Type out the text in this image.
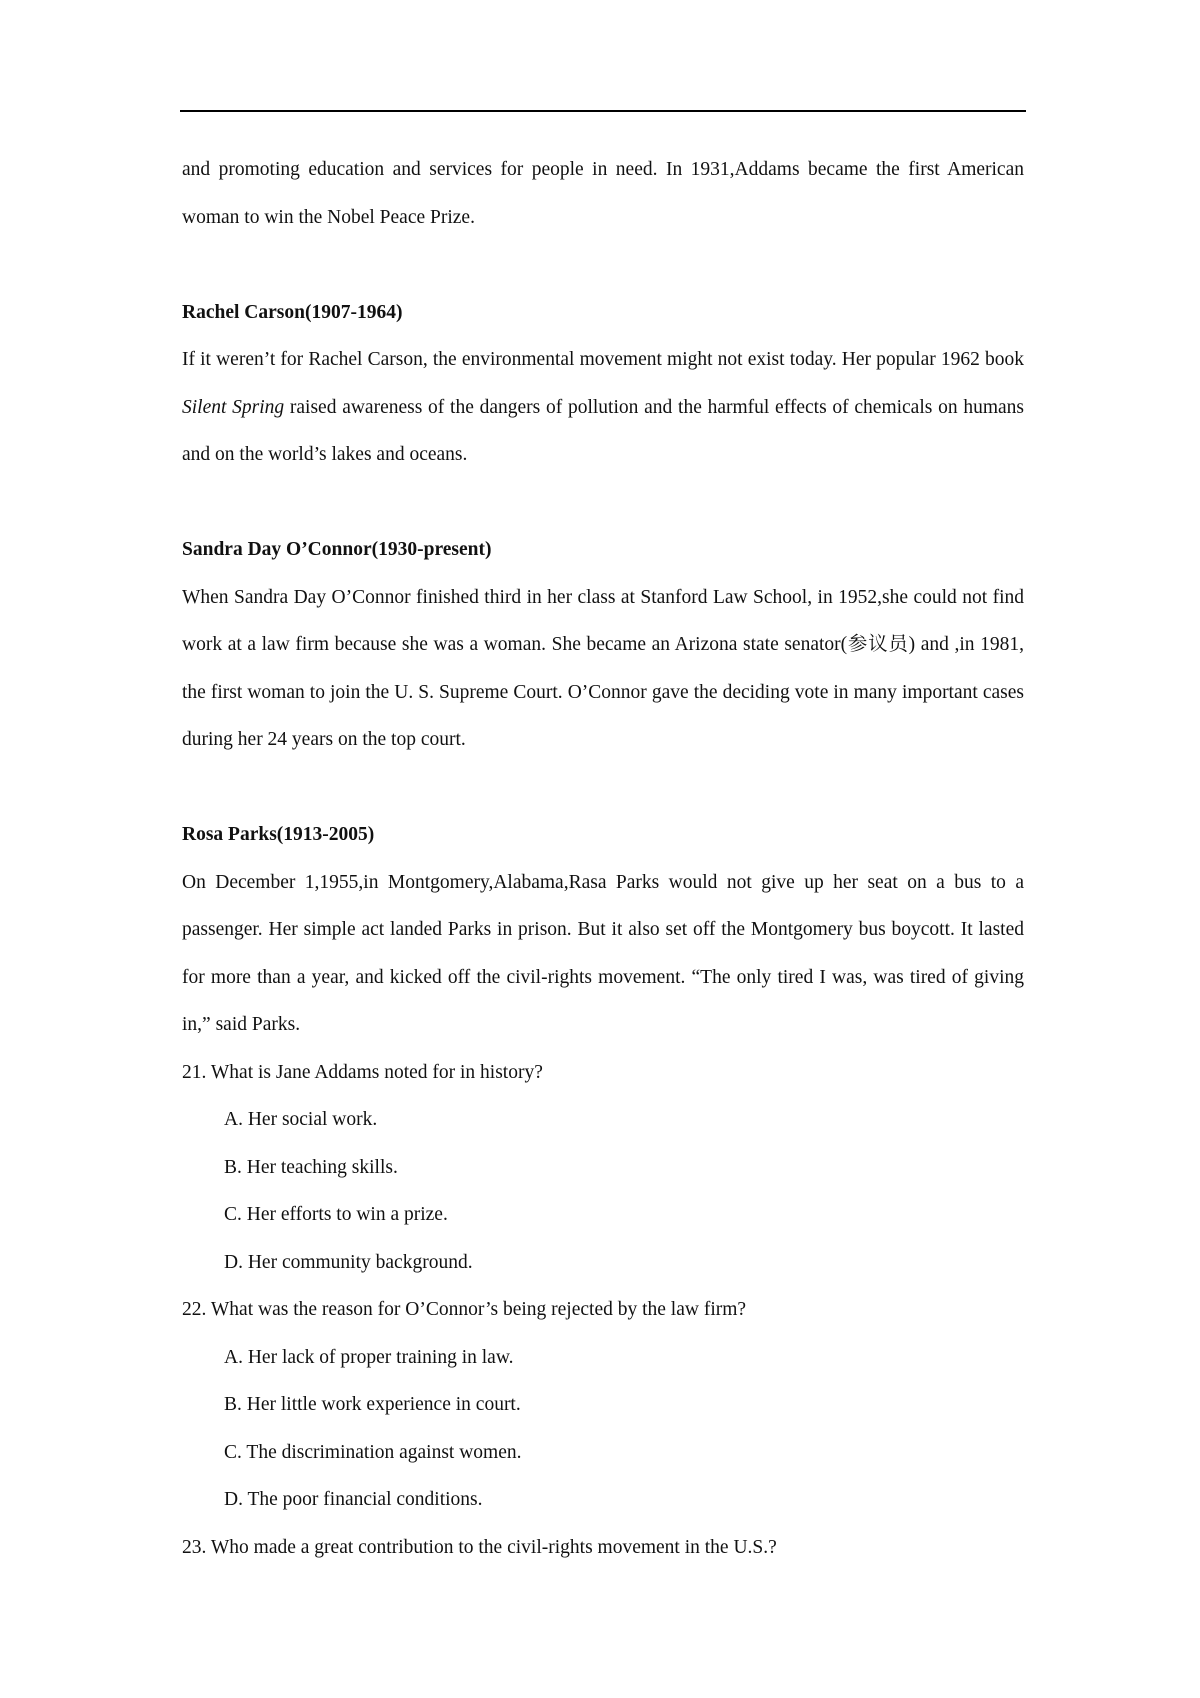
and promoting education and services for people in need. In 1931,Addams became the first American woman to win the Nobel Peace Prize.

Rachel Carson(1907-1964)

If it weren’t for Rachel Carson, the environmental movement might not exist today. Her popular 1962 book Silent Spring raised awareness of the dangers of pollution and the harmful effects of chemicals on humans and on the world’s lakes and oceans.

Sandra Day O’Connor(1930-present)

When Sandra Day O’Connor finished third in her class at Stanford Law School, in 1952,she could not find work at a law firm because she was a woman. She became an Arizona state senator(参议员) and ,in 1981, the first woman to join the U. S. Supreme Court. O’Connor gave the deciding vote in many important cases during her 24 years on the top court.

Rosa Parks(1913-2005)

On December 1,1955,in Montgomery,Alabama,Rasa Parks would not give up her seat on a bus to a passenger. Her simple act landed Parks in prison. But it also set off the Montgomery bus boycott. It lasted for more than a year, and kicked off the civil-rights movement. “The only tired I was, was tired of giving in,” said Parks.

21. What is Jane Addams noted for in history?

A. Her social work.

B. Her teaching skills.

C. Her efforts to win a prize.

D. Her community background.

22. What was the reason for O’Connor’s being rejected by the law firm?

A. Her lack of proper training in law.

B. Her little work experience in court.

C. The discrimination against women.

D. The poor financial conditions.

23. Who made a great contribution to the civil-rights movement in the U.S.?
